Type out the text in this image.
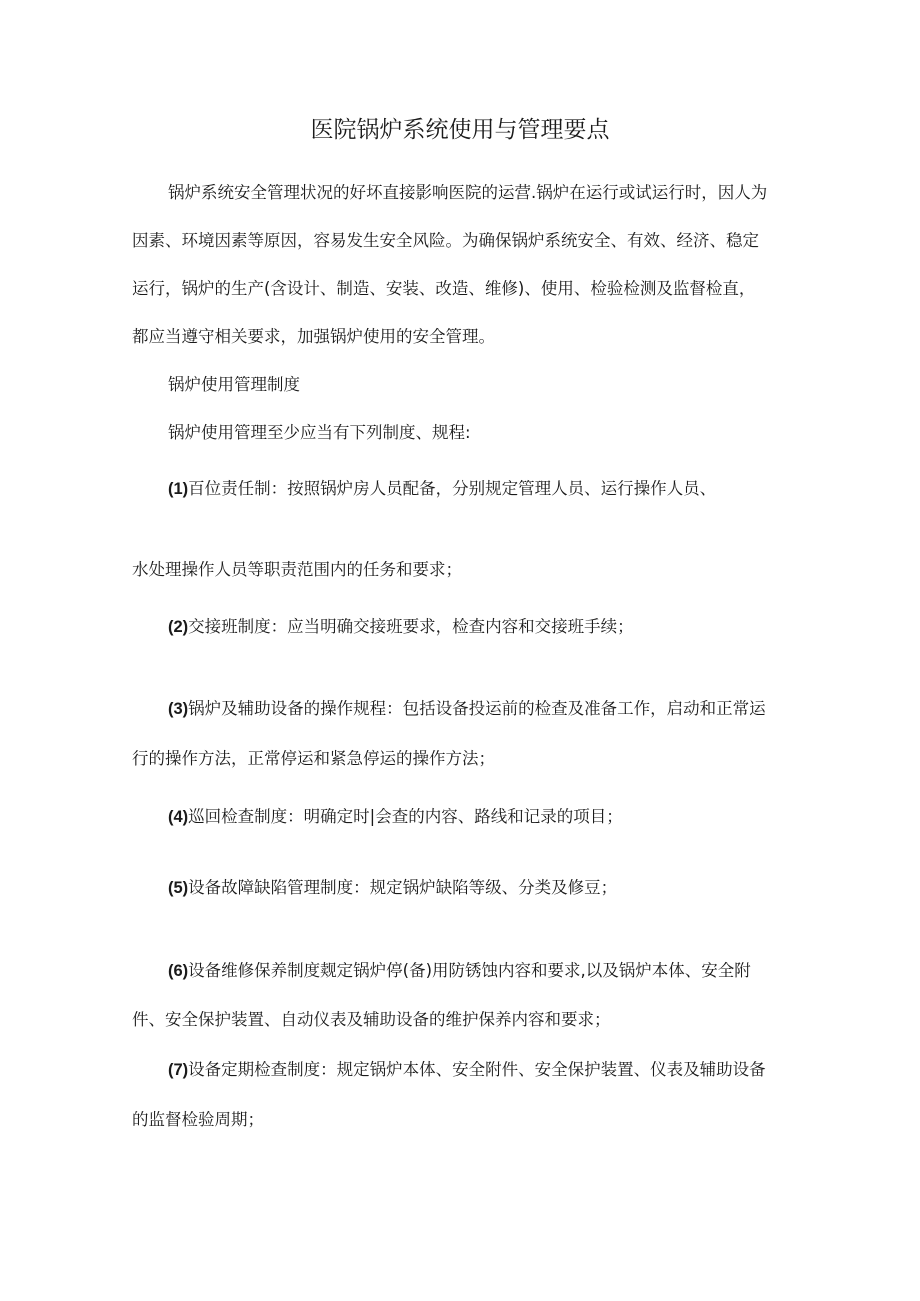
医院锅炉系统使用与管理要点
锅炉系统安全管理状况的好坏直接影响医院的运营.锅炉在运行或试运行时，因人为
因素、环境因素等原因，容易发生安全风险。为确保锅炉系统安全、有效、经济、稳定
运行，锅炉的生产(含设计、制造、安装、改造、维修)、使用、检验检测及监督检直，
都应当遵守相关要求，加强锅炉使用的安全管理。
锅炉使用管理制度
锅炉使用管理至少应当有下列制度、规程:
(1)百位责任制：按照锅炉房人员配备，分别规定管理人员、运行操作人员、
水处理操作人员等职责范围内的任务和要求；
(2)交接班制度：应当明确交接班要求，检查内容和交接班手续；
(3)锅炉及辅助设备的操作规程：包括设备投运前的检查及准备工作，启动和正常运
行的操作方法，正常停运和紧急停运的操作方法；
(4)巡回检查制度：明确定时|会查的内容、路线和记录的项目；
(5)设备故障缺陷管理制度：规定锅炉缺陷等级、分类及修豆；
(6)设备维修保养制度觌定锅炉停(备)用防锈蚀内容和要求,以及锅炉本体、安全附
件、安全保护装置、自动仪表及辅助设备的维护保养内容和要求；
(7)设备定期检查制度：规定锅炉本体、安全附件、安全保护装置、仪表及辅助设备
的监督检验周期；
